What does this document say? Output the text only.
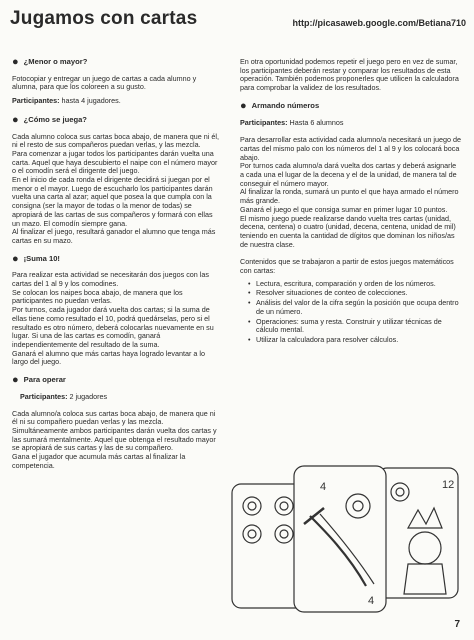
Jugamos con cartas	http://picasaweb.google.com/Betiana710
● ¿Menor o mayor?

Fotocopiar y entregar un juego de cartas a cada alumno y alumna, para que los coloreen a su gusto.

Participantes: hasta 4 jugadores.

● ¿Cómo se juega?

Cada alumno coloca sus cartas boca abajo, de manera que ni él, ni el resto de sus compañeros puedan verlas, y las mezcla.

Para comenzar a jugar todos los participantes darán vuelta una carta. Aquel que haya descubierto el naipe con el número mayor o el comodín será el dirigente del juego.

En el inicio de cada ronda el dirigente decidirá si juegan por el menor o el mayor. Luego de escucharlo los participantes darán vuelta una carta al azar; aquel que posea la que cumpla con la consigna (ser la mayor de todas o la menor de todas) se apropiará de las cartas de sus compañeros y formará con ellas un mazo. El comodín siempre gana.

Al finalizar el juego, resultará ganador el alumno que tenga más cartas en su mazo.

● ¡Suma 10!

Para realizar esta actividad se necesitarán dos juegos con las cartas del 1 al 9 y los comodines.

Se colocan los naipes boca abajo, de manera que los participantes no puedan verlas.

Por turnos, cada jugador dará vuelta dos cartas; si la suma de ellas tiene como resultado el 10, podrá quedárselas, pero si el resultado es otro número, deberá colocarlas nuevamente en su lugar. Si una de las cartas es comodín, ganará independientemente del resultado de la suma.

Ganará el alumno que más cartas haya logrado levantar a lo largo del juego.

● Para operar

Participantes: 2 jugadores

Cada alumno/a coloca sus cartas boca abajo, de manera que ni él ni su compañero puedan verlas y las mezcla.

Simultáneamente ambos participantes darán vuelta dos cartas y las sumará mentalmente. Aquel que obtenga el resultado mayor se apropiará de sus cartas y las de su compañero.

Gana el jugador que acumula más cartas al finalizar la competencia.

En otra oportunidad podemos repetir el juego pero en vez de sumar, los participantes deberán restar y comparar los resultados de esta operación. También podemos proponerles que utilicen la calculadora para comprobar la validez de los resultados.

● Armando números

Participantes: Hasta 6 alumnos

Para desarrollar esta actividad cada alumno/a necesitará un juego de cartas del mismo palo con los números del 1 al 9 y los colocará boca abajo.

Por turnos cada alumno/a dará vuelta dos cartas y deberá asignarle a cada una el lugar de la decena y el de la unidad, de manera tal de conseguir el número mayor.

Al finalizar la ronda, sumará un punto el que haya armado el número más grande.

Ganará el juego el que consiga sumar en primer lugar 10 puntos.

El mismo juego puede realizarse dando vuelta tres cartas (unidad, decena, centena) o cuatro (unidad, decena, centena, unidad de mil) teniendo en cuenta la cantidad de dígitos que dominan los niños/as de nuestra clase.

Contenidos que se trabajaron a partir de estos juegos matemáticos con cartas:

• Lectura, escritura, comparación y orden de los números.
• Resolver situaciones de conteo de colecciones.
• Análisis del valor de la cifra según la posición que ocupa dentro de un número.
• Operaciones: suma y resta. Construir y utilizar técnicas de cálculo mental.
• Utilizar la calculadora para resolver cálculos.
4	12
4
7
